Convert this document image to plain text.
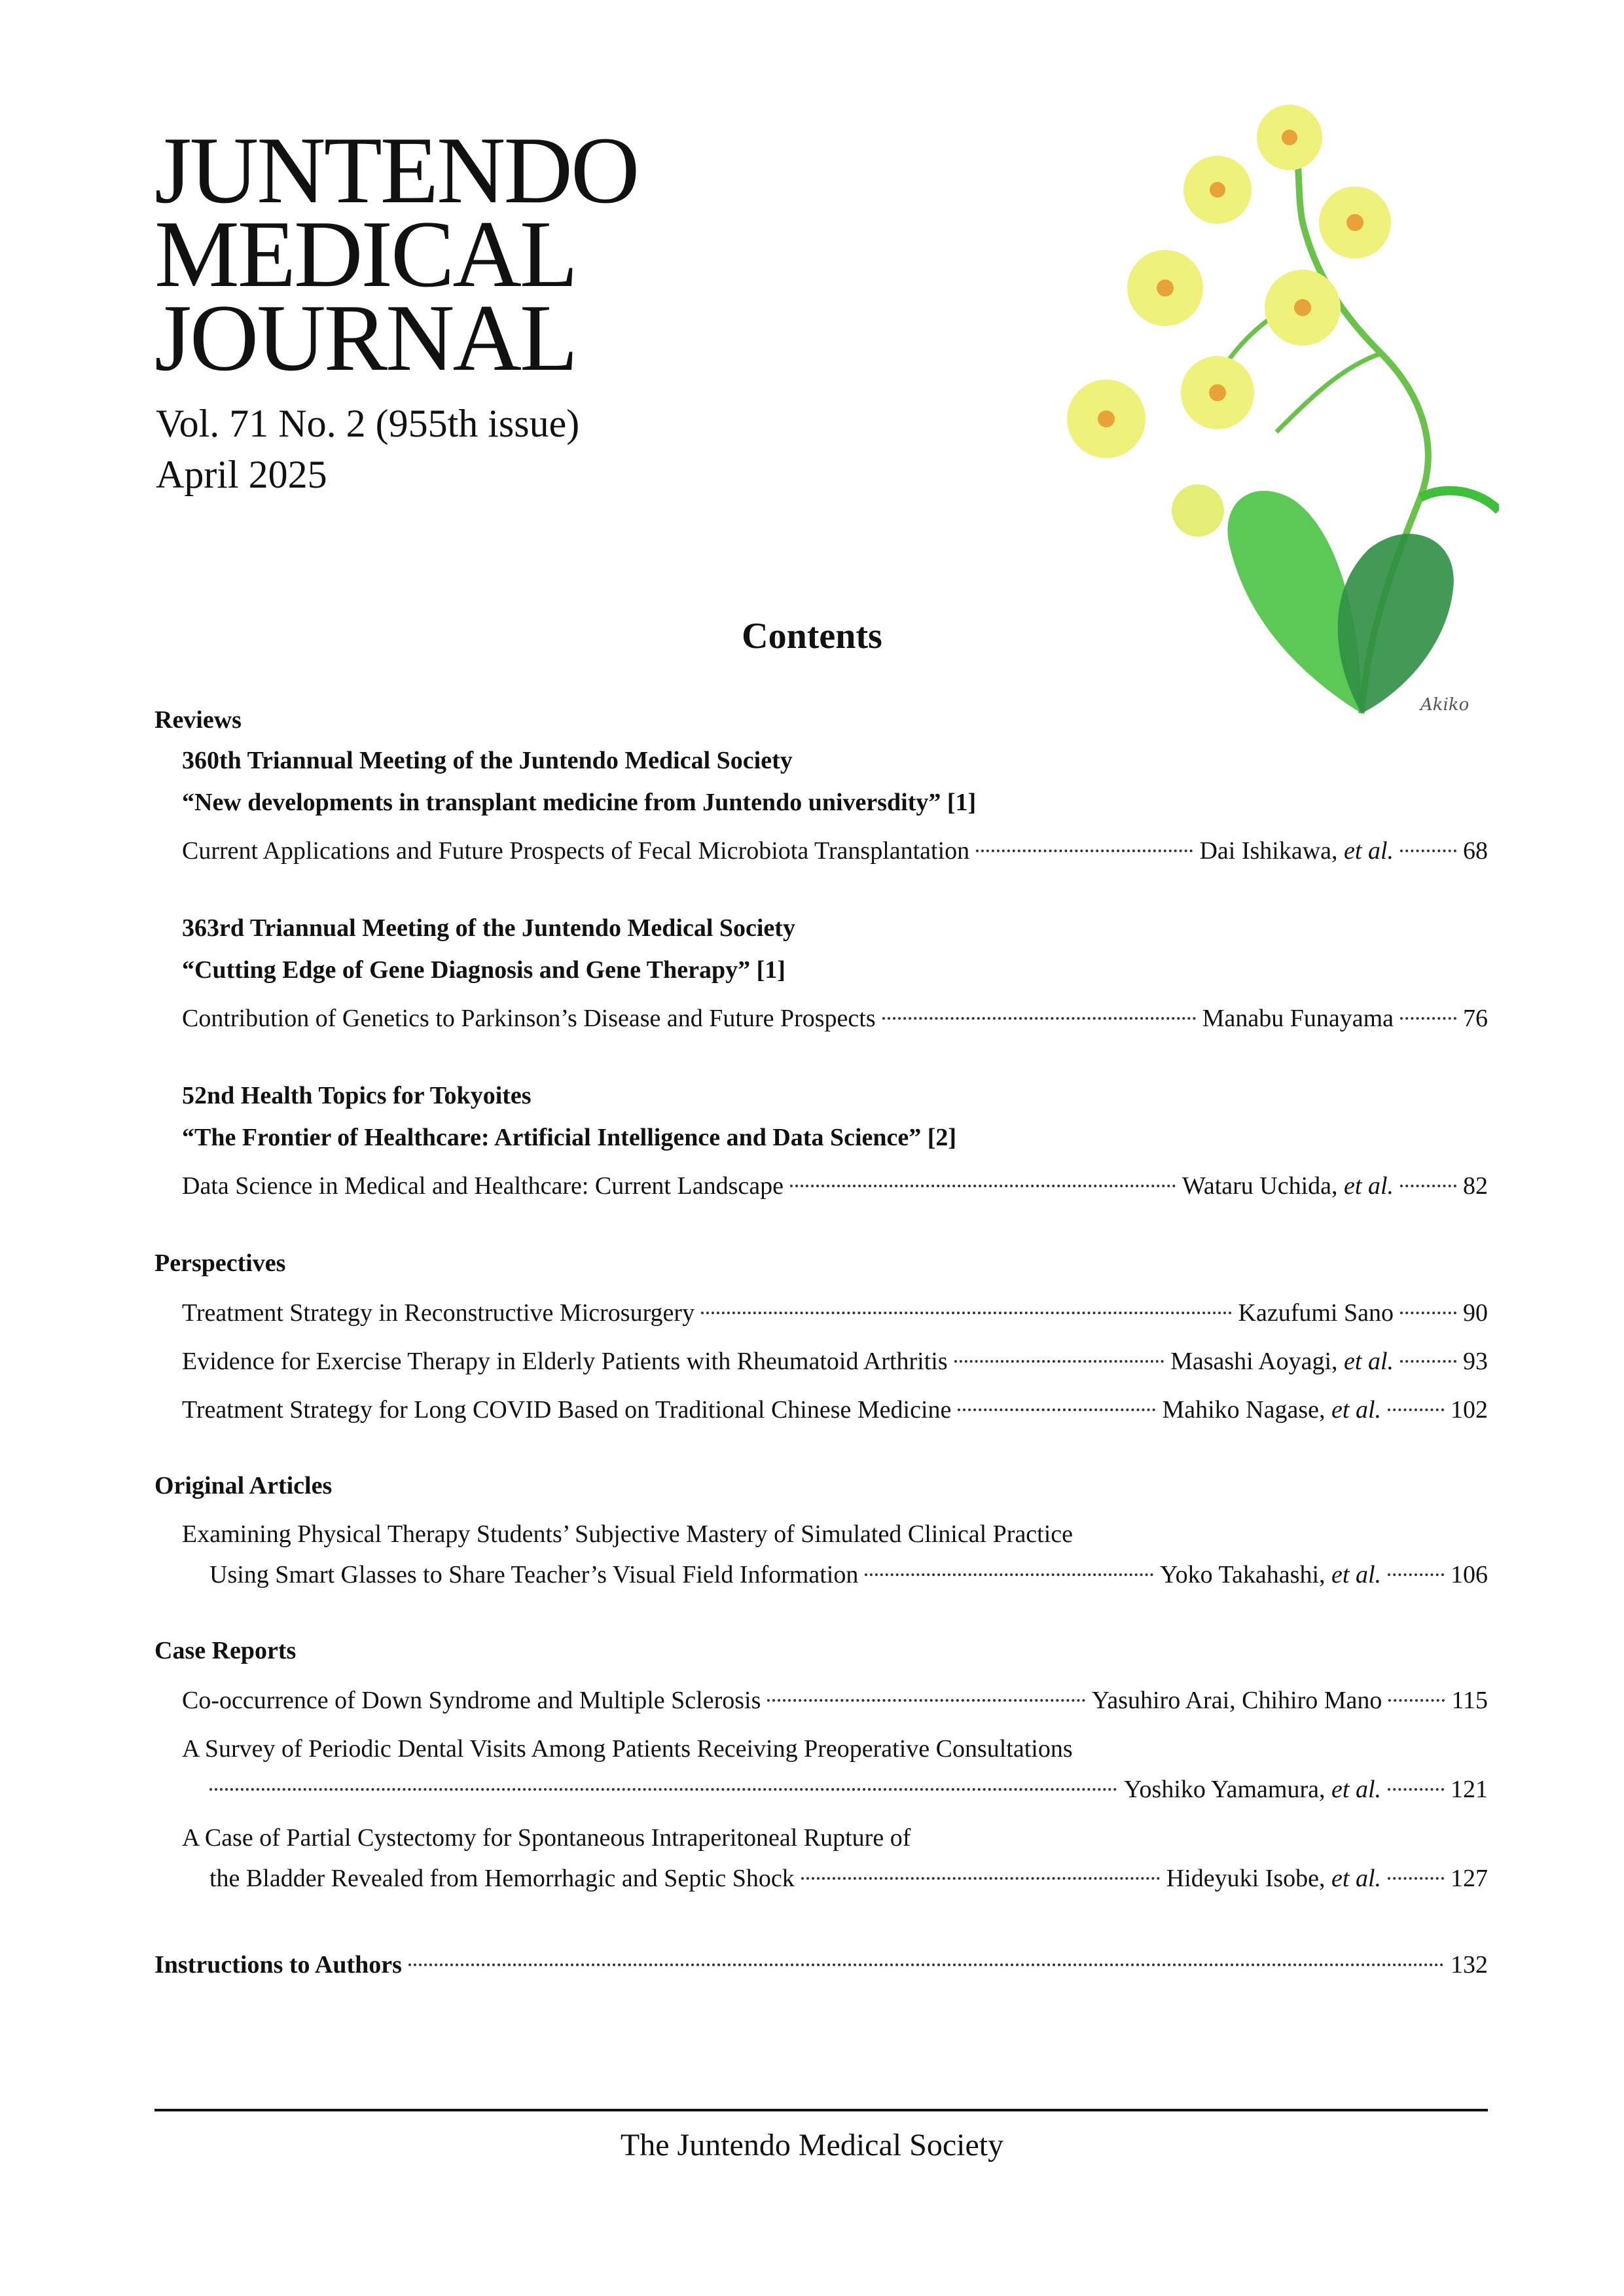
JUNTENDO
MEDICAL
JOURNAL
Vol. 71 No. 2 (955th issue)
April 2025
Akiko
Contents
Reviews
360th Triannual Meeting of the Juntendo Medical Society
“New developments in transplant medicine from Juntendo universdity” [1]
Current Applications and Future Prospects of Fecal Microbiota Transplantation	Dai Ishikawa, et al.	68
363rd Triannual Meeting of the Juntendo Medical Society
“Cutting Edge of Gene Diagnosis and Gene Therapy” [1]
Contribution of Genetics to Parkinson’s Disease and Future Prospects	Manabu Funayama	76
52nd Health Topics for Tokyoites
“The Frontier of Healthcare: Artificial Intelligence and Data Science” [2]
Data Science in Medical and Healthcare: Current Landscape	Wataru Uchida, et al.	82
Perspectives
Treatment Strategy in Reconstructive Microsurgery	Kazufumi Sano	90
Evidence for Exercise Therapy in Elderly Patients with Rheumatoid Arthritis	Masashi Aoyagi, et al.	93
Treatment Strategy for Long COVID Based on Traditional Chinese Medicine	Mahiko Nagase, et al.	102
Original Articles
Examining Physical Therapy Students’ Subjective Mastery of Simulated Clinical Practice
Using Smart Glasses to Share Teacher’s Visual Field Information	Yoko Takahashi, et al.	106
Case Reports
Co-occurrence of Down Syndrome and Multiple Sclerosis	Yasuhiro Arai, Chihiro Mano	115
A Survey of Periodic Dental Visits Among Patients Receiving Preoperative Consultations
Yoshiko Yamamura, et al.	121
A Case of Partial Cystectomy for Spontaneous Intraperitoneal Rupture of
the Bladder Revealed from Hemorrhagic and Septic Shock	Hideyuki Isobe, et al.	127
Instructions to Authors	132
The Juntendo Medical Society
